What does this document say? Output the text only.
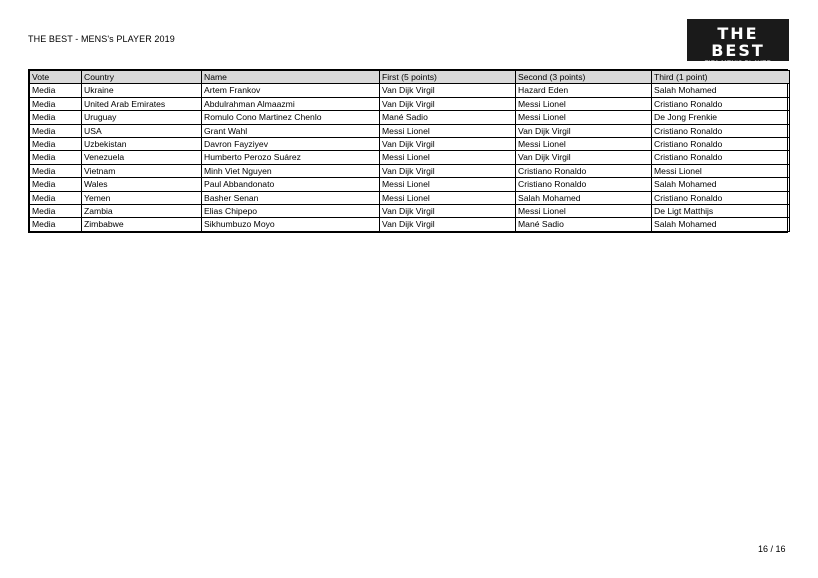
THE BEST - MENS's PLAYER 2019	THE BEST
FIFA MEN'S PLAYER
Vote	Country	Name	First (5 points)	Second (3 points)	Third (1 point)
Media	Ukraine	Artem Frankov	Van Dijk Virgil	Hazard Eden	Salah Mohamed
Media	United Arab Emirates	Abdulrahman Almaazmi	Van Dijk Virgil	Messi Lionel	Cristiano Ronaldo
Media	Uruguay	Romulo Cono Martinez Chenlo	Mané Sadio	Messi Lionel	De Jong Frenkie
Media	USA	Grant Wahl	Messi Lionel	Van Dijk Virgil	Cristiano Ronaldo
Media	Uzbekistan	Davron Fayziyev	Van Dijk Virgil	Messi Lionel	Cristiano Ronaldo
Media	Venezuela	Humberto Perozo Suárez	Messi Lionel	Van Dijk Virgil	Cristiano Ronaldo
Media	Vietnam	Minh Viet Nguyen	Van Dijk Virgil	Cristiano Ronaldo	Messi Lionel
Media	Wales	Paul Abbandonato	Messi Lionel	Cristiano Ronaldo	Salah Mohamed
Media	Yemen	Basher Senan	Messi Lionel	Salah Mohamed	Cristiano Ronaldo
Media	Zambia	Elias Chipepo	Van Dijk Virgil	Messi Lionel	De Ligt Matthijs
Media	Zimbabwe	Sikhumbuzo Moyo	Van Dijk Virgil	Mané Sadio	Salah Mohamed
16 / 16
